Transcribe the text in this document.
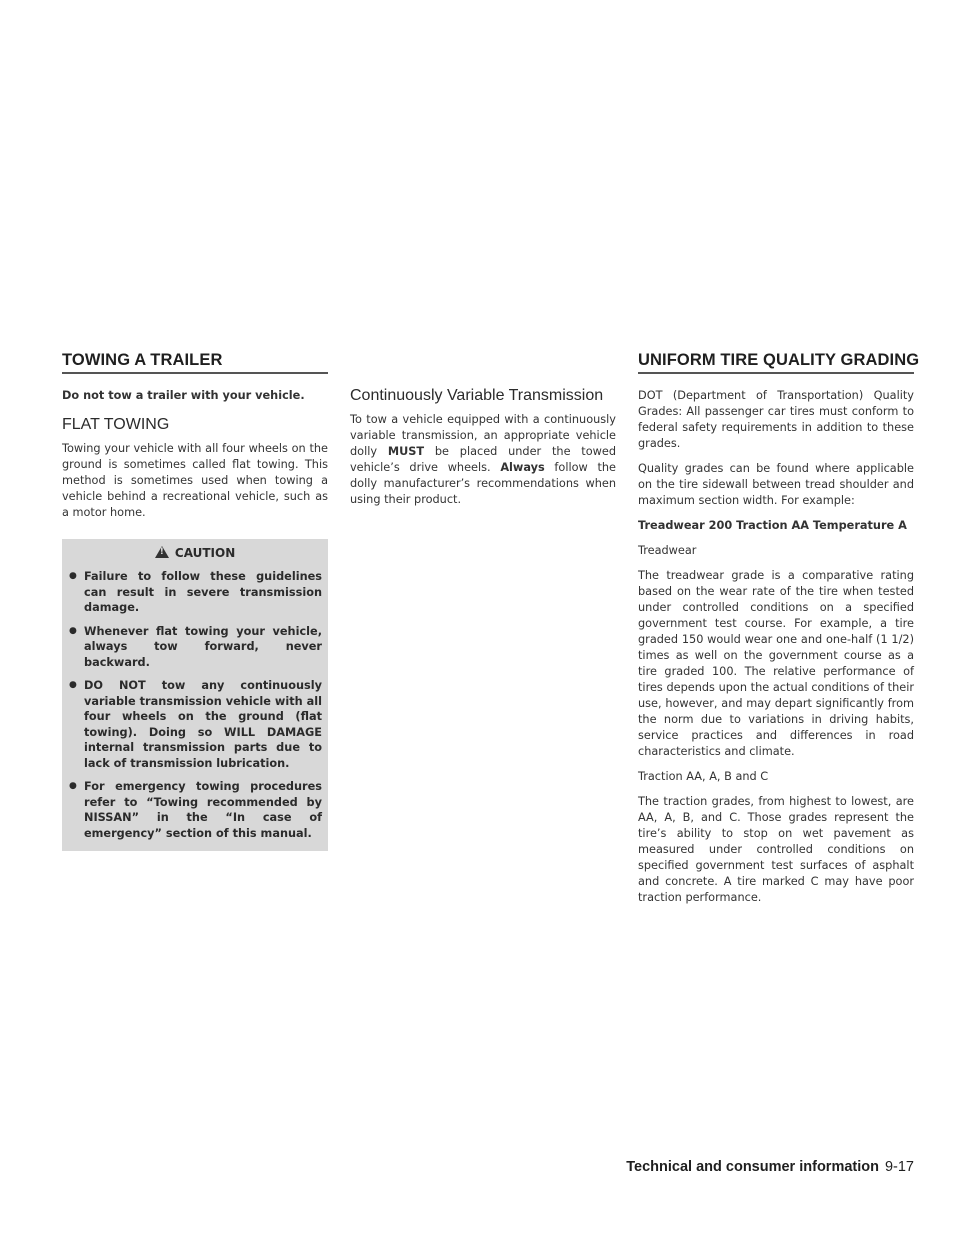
TOWING A TRAILER	UNIFORM TIRE QUALITY GRADING

Do not tow a trailer with your vehicle.

FLAT TOWING

Towing your vehicle with all four wheels on the ground is sometimes called flat towing. This method is sometimes used when towing a vehicle behind a recreational vehicle, such as a motor home.

! CAUTION
● Failure to follow these guidelines can result in severe transmission damage.
● Whenever flat towing your vehicle, always tow forward, never backward.
● DO NOT tow any continuously variable transmission vehicle with all four wheels on the ground (flat towing). Doing so WILL DAMAGE internal transmission parts due to lack of transmission lubrication.
● For emergency towing procedures refer to “Towing recommended by NISSAN” in the “In case of emergency” section of this manual.
Continuously Variable Transmission

To tow a vehicle equipped with a continuously variable transmission, an appropriate vehicle dolly MUST be placed under the towed vehicle’s drive wheels. Always follow the dolly manufacturer’s recommendations when using their product.

DOT (Department of Transportation) Quality Grades: All passenger car tires must conform to federal safety requirements in addition to these grades.

Quality grades can be found where applicable on the tire sidewall between tread shoulder and maximum section width. For example:

Treadwear 200 Traction AA Temperature A

Treadwear

The treadwear grade is a comparative rating based on the wear rate of the tire when tested under controlled conditions on a specified government test course. For example, a tire graded 150 would wear one and one-half (1 1/2) times as well on the government course as a tire graded 100. The relative performance of tires depends upon the actual conditions of their use, however, and may depart significantly from the norm due to variations in driving habits, service practices and differences in road characteristics and climate.

Traction AA, A, B and C

The traction grades, from highest to lowest, are AA, A, B, and C. Those grades represent the tire’s ability to stop on wet pavement as measured under controlled conditions on specified government test surfaces of asphalt and concrete. A tire marked C may have poor traction performance.

Technical and consumer information 9-17
